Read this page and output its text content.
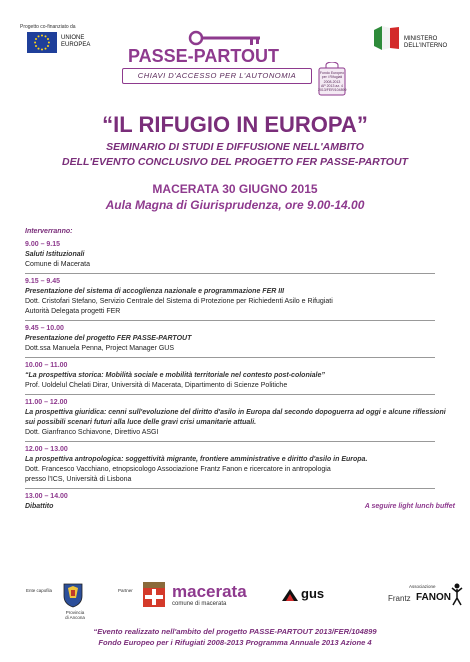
Progetto co-finanziato da
UNIONE
EUROPEA
PASSE-PARTOUT
CHIAVI D'ACCESSO PER L'AUTONOMIA	Fondo Europeo
per i Rifugiati
2008-2013
AP 2013 az. 4
2013/FER/104899
MINISTERO
DELL'INTERNO
“IL RIFUGIO IN EUROPA”
SEMINARIO DI STUDI E DIFFUSIONE NELL'AMBITO
DELL'EVENTO CONCLUSIVO DEL PROGETTO FER PASSE-PARTOUT
MACERATA 30 GIUGNO 2015
Aula Magna di Giurisprudenza, ore 9.00-14.00
Interverranno:
9.00 – 9.15
Saluti Istituzionali
Comune di Macerata
9.15 – 9.45
Presentazione del sistema di accoglienza nazionale e programmazione FER III
Dott. Cristofari Stefano, Servizio Centrale del Sistema di Protezione per Richiedenti Asilo e Rifugiati
Autorità Delegata progetti FER
9.45 – 10.00
Presentazione del progetto FER PASSE-PARTOUT
Dott.ssa Manuela Penna, Project Manager GUS
10.00 – 11.00
“La prospettiva storica: Mobilità sociale e mobilità territoriale nel contesto post-coloniale”
Prof. Uoldelul Chelati Dirar, Università di Macerata, Dipartimento di Scienze Politiche
11.00 – 12.00
La prospettiva giuridica: cenni sull'evoluzione del diritto d'asilo in Europa dal secondo dopoguerra ad oggi e alcune riflessioni sui possibili scenari futuri alla luce delle gravi crisi umanitarie attuali.
Dott. Gianfranco Schiavone, Direttivo ASGI
12.00 – 13.00
La prospettiva antropologica: soggettività migrante, frontiere amministrative e diritto d'asilo in Europa.
Dott. Francesco Vacchiano, etnopsicologo Associazione Frantz Fanon e ricercatore in antropologia
presso l'ICS, Università di Lisbona
13.00 – 14.00
Dibattito	A seguire light lunch buffet
Ente capofila
Provincia
di Ancona
Partner macerata
comune di macerata
gus	Associazione
Frantz FANON
“Evento realizzato nell'ambito del progetto PASSE-PARTOUT 2013/FER/104899
Fondo Europeo per i Rifugiati 2008-2013 Programma Annuale 2013 Azione 4
